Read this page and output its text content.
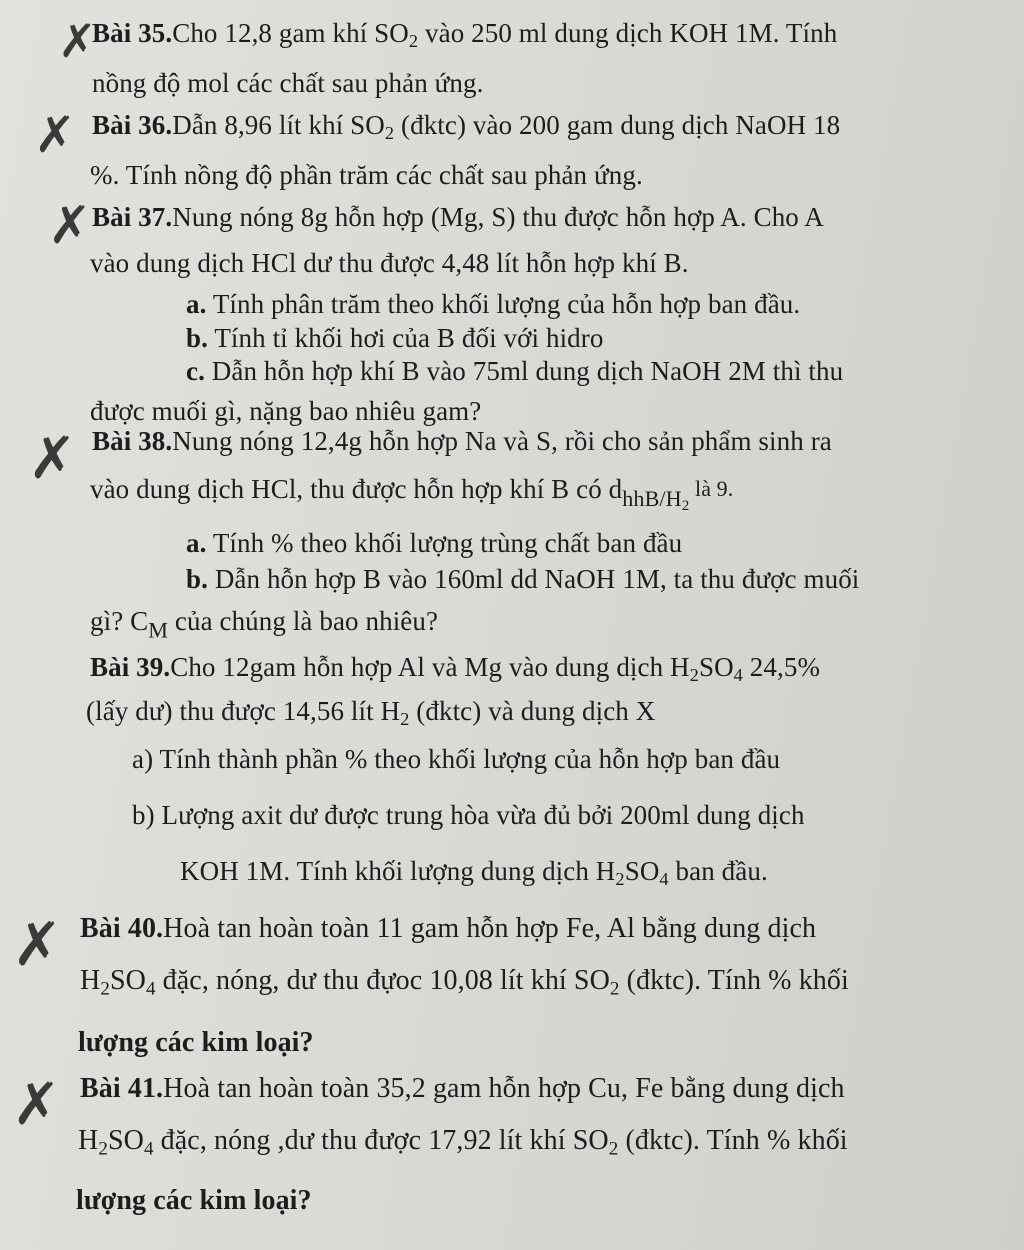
✗
✗
✗
✗
✗
✗
Bài 35.Cho 12,8 gam khí $SO_2$ vào 250 ml dung dịch KOH 1M. Tính
nồng độ mol các chất sau phản ứng.
Bài 36.Dẫn 8,96 lít khí $SO_2$ (đktc) vào 200 gam dung dịch NaOH 18
%. Tính nồng độ phần trăm các chất sau phản ứng.
Bài 37.Nung nóng 8g hỗn hợp (Mg, S) thu được hỗn hợp A. Cho A
vào dung dịch HCl dư thu được 4,48 lít hỗn hợp khí B.
a. Tính phân trăm theo khối lượng của hỗn hợp ban đầu.
b. Tính tỉ khối hơi của B đối với hidro
c. Dẫn hỗn hợp khí B vào 75ml dung dịch NaOH 2M thì thu
được muối gì, nặng bao nhiêu gam?
Bài 38.Nung nóng 12,4g hỗn hợp Na và S, rồi cho sản phẩm sinh ra
vào dung dịch HCl, thu được hỗn hợp khí B có $d_{hhB/H_2}$ là 9.
a. Tính % theo khối lượng trùng chất ban đầu
b. Dẫn hỗn hợp B vào 160ml dd NaOH 1M, ta thu được muối
gì? $C_M$ của chúng là bao nhiêu?
Bài 39.Cho 12gam hỗn hợp Al và Mg vào dung dịch $H_2SO_4$ 24,5%
(lấy dư) thu được 14,56 lít $H_2$ (đktc) và dung dịch X
a) Tính thành phần % theo khối lượng của hỗn hợp ban đầu
b) Lượng axit dư được trung hòa vừa đủ bởi 200ml dung dịch
KOH 1M. Tính khối lượng dung dịch $H_2SO_4$ ban đầu.
Bài 40.Hoà tan hoàn toàn 11 gam hỗn hợp Fe, Al bằng dung dịch
$H_2SO_4$ đặc, nóng, dư thu đựoc 10,08 lít khí $SO_2$ (đktc). Tính % khối
lượng các kim loại?
Bài 41.Hoà tan hoàn toàn 35,2 gam hỗn hợp Cu, Fe bằng dung dịch
$H_2SO_4$ đặc, nóng ,dư thu được 17,92 lít khí $SO_2$ (đktc). Tính % khối
lượng các kim loại?
